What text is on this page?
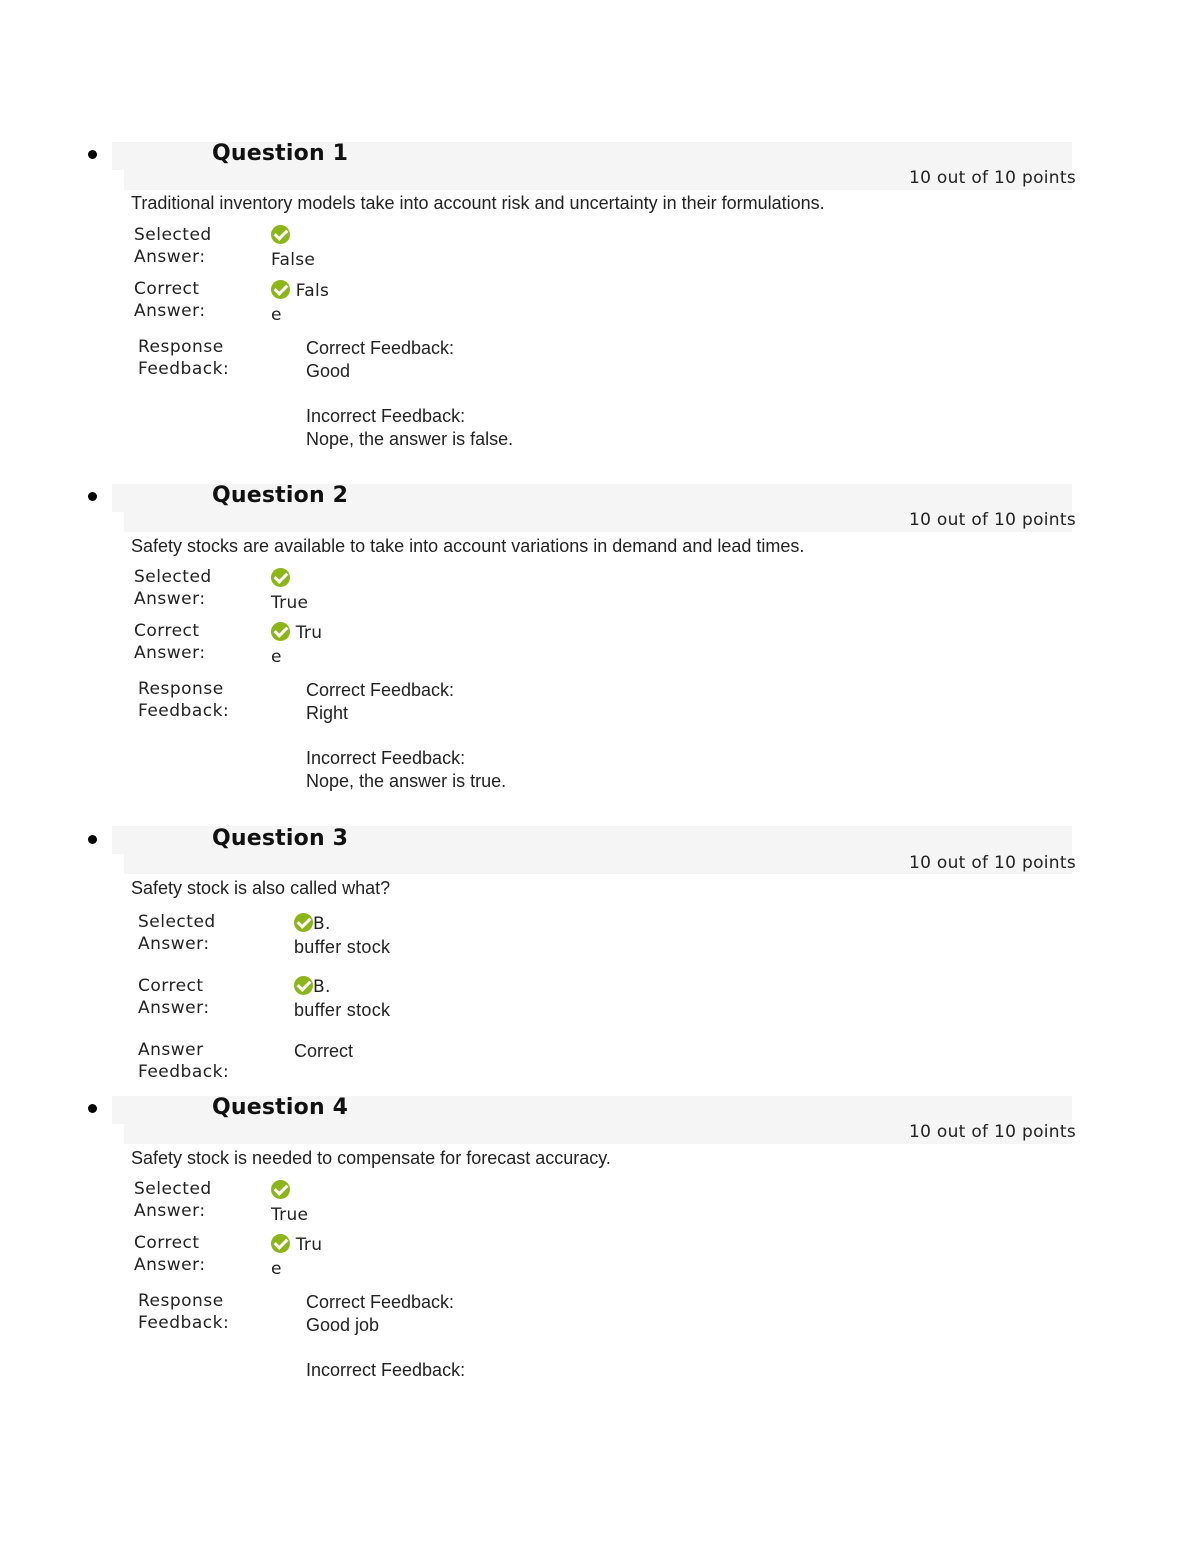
Question 1
10 out of 10 points
Traditional inventory models take into account risk and uncertainty in their formulations.
Selected
Answer:	False
Correct
Answer:
Fals
e
Response
Feedback:
Correct Feedback:
Good
Incorrect Feedback:
Nope, the answer is false.
Question 2
10 out of 10 points
Safety stocks are available to take into account variations in demand and lead times.
Selected
Answer:	True
Correct
Answer:
Tru
e
Response
Feedback:
Correct Feedback:
Right
Incorrect Feedback:
Nope, the answer is true.
Question 3
10 out of 10 points
Safety stock is also called what?
Selected
Answer:
B.
buffer stock
Correct
Answer:
B.
buffer stock
Answer
Feedback:
Correct
Question 4
10 out of 10 points
Safety stock is needed to compensate for forecast accuracy.
Selected
Answer:	True
Correct
Answer:
Tru
e
Response
Feedback:
Correct Feedback:
Good job
Incorrect Feedback:
